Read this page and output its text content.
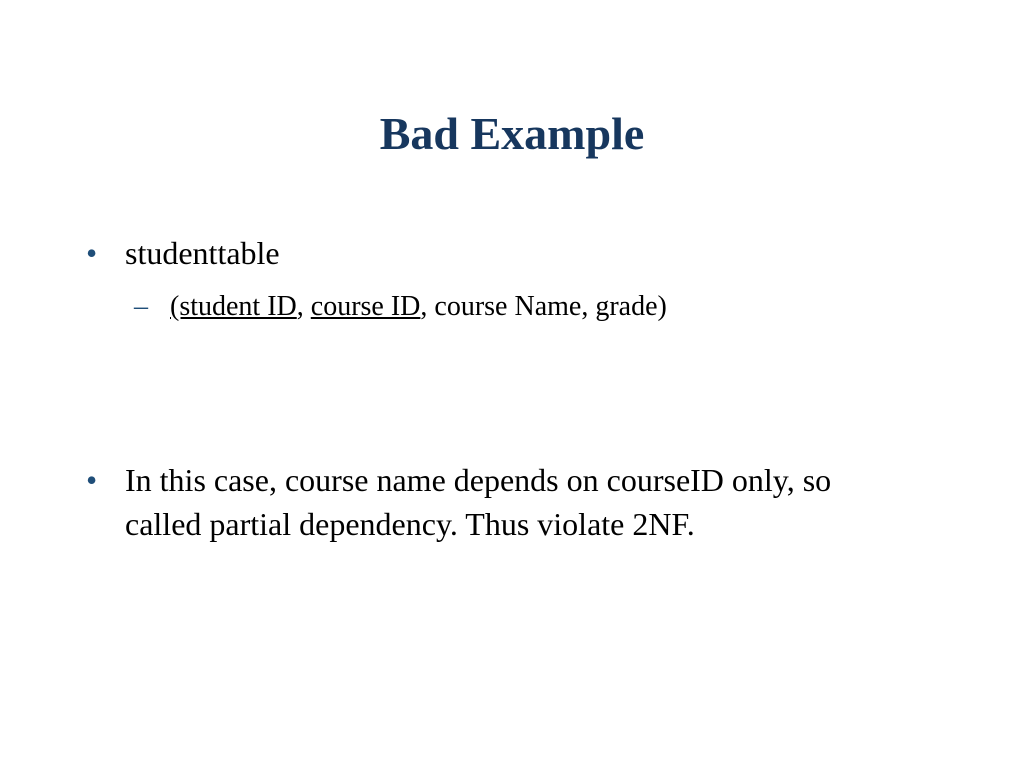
Bad Example
• studenttable
– (student ID, course ID, course Name, grade)
• In this case, course name depends on courseID only, so called partial dependency. Thus violate 2NF.
